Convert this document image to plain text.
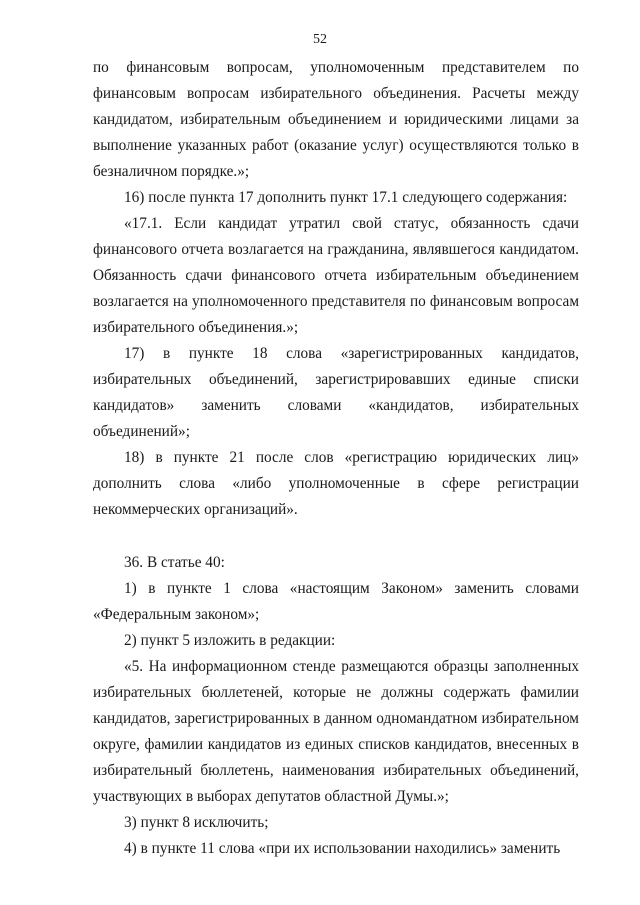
52

по финансовым вопросам, уполномоченным представителем по финансовым вопросам избирательного объединения. Расчеты между кандидатом, избирательным объединением и юридическими лицами за выполнение указанных работ (оказание услуг) осуществляются только в безналичном порядке.»;

16) после пункта 17 дополнить пункт 17.1 следующего содержания:

«17.1. Если кандидат утратил свой статус, обязанность сдачи финансового отчета возлагается на гражданина, являвшегося кандидатом. Обязанность сдачи финансового отчета избирательным объединением возлагается на уполномоченного представителя по финансовым вопросам избирательного объединения.»;

17) в пункте 18 слова «зарегистрированных кандидатов, избирательных объединений, зарегистрировавших единые списки кандидатов» заменить словами «кандидатов, избирательных объединений»;

18) в пункте 21 после слов «регистрацию юридических лиц» дополнить слова «либо уполномоченные в сфере регистрации некоммерческих организаций».

36. В статье 40:

1) в пункте 1 слова «настоящим Законом» заменить словами «Федеральным законом»;

2) пункт 5 изложить в редакции:

«5. На информационном стенде размещаются образцы заполненных избирательных бюллетеней, которые не должны содержать фамилии кандидатов, зарегистрированных в данном одномандатном избирательном округе, фамилии кандидатов из единых списков кандидатов, внесенных в избирательный бюллетень, наименования избирательных объединений, участвующих в выборах депутатов областной Думы.»;

3) пункт 8 исключить;

4) в пункте 11 слова «при их использовании находились» заменить
